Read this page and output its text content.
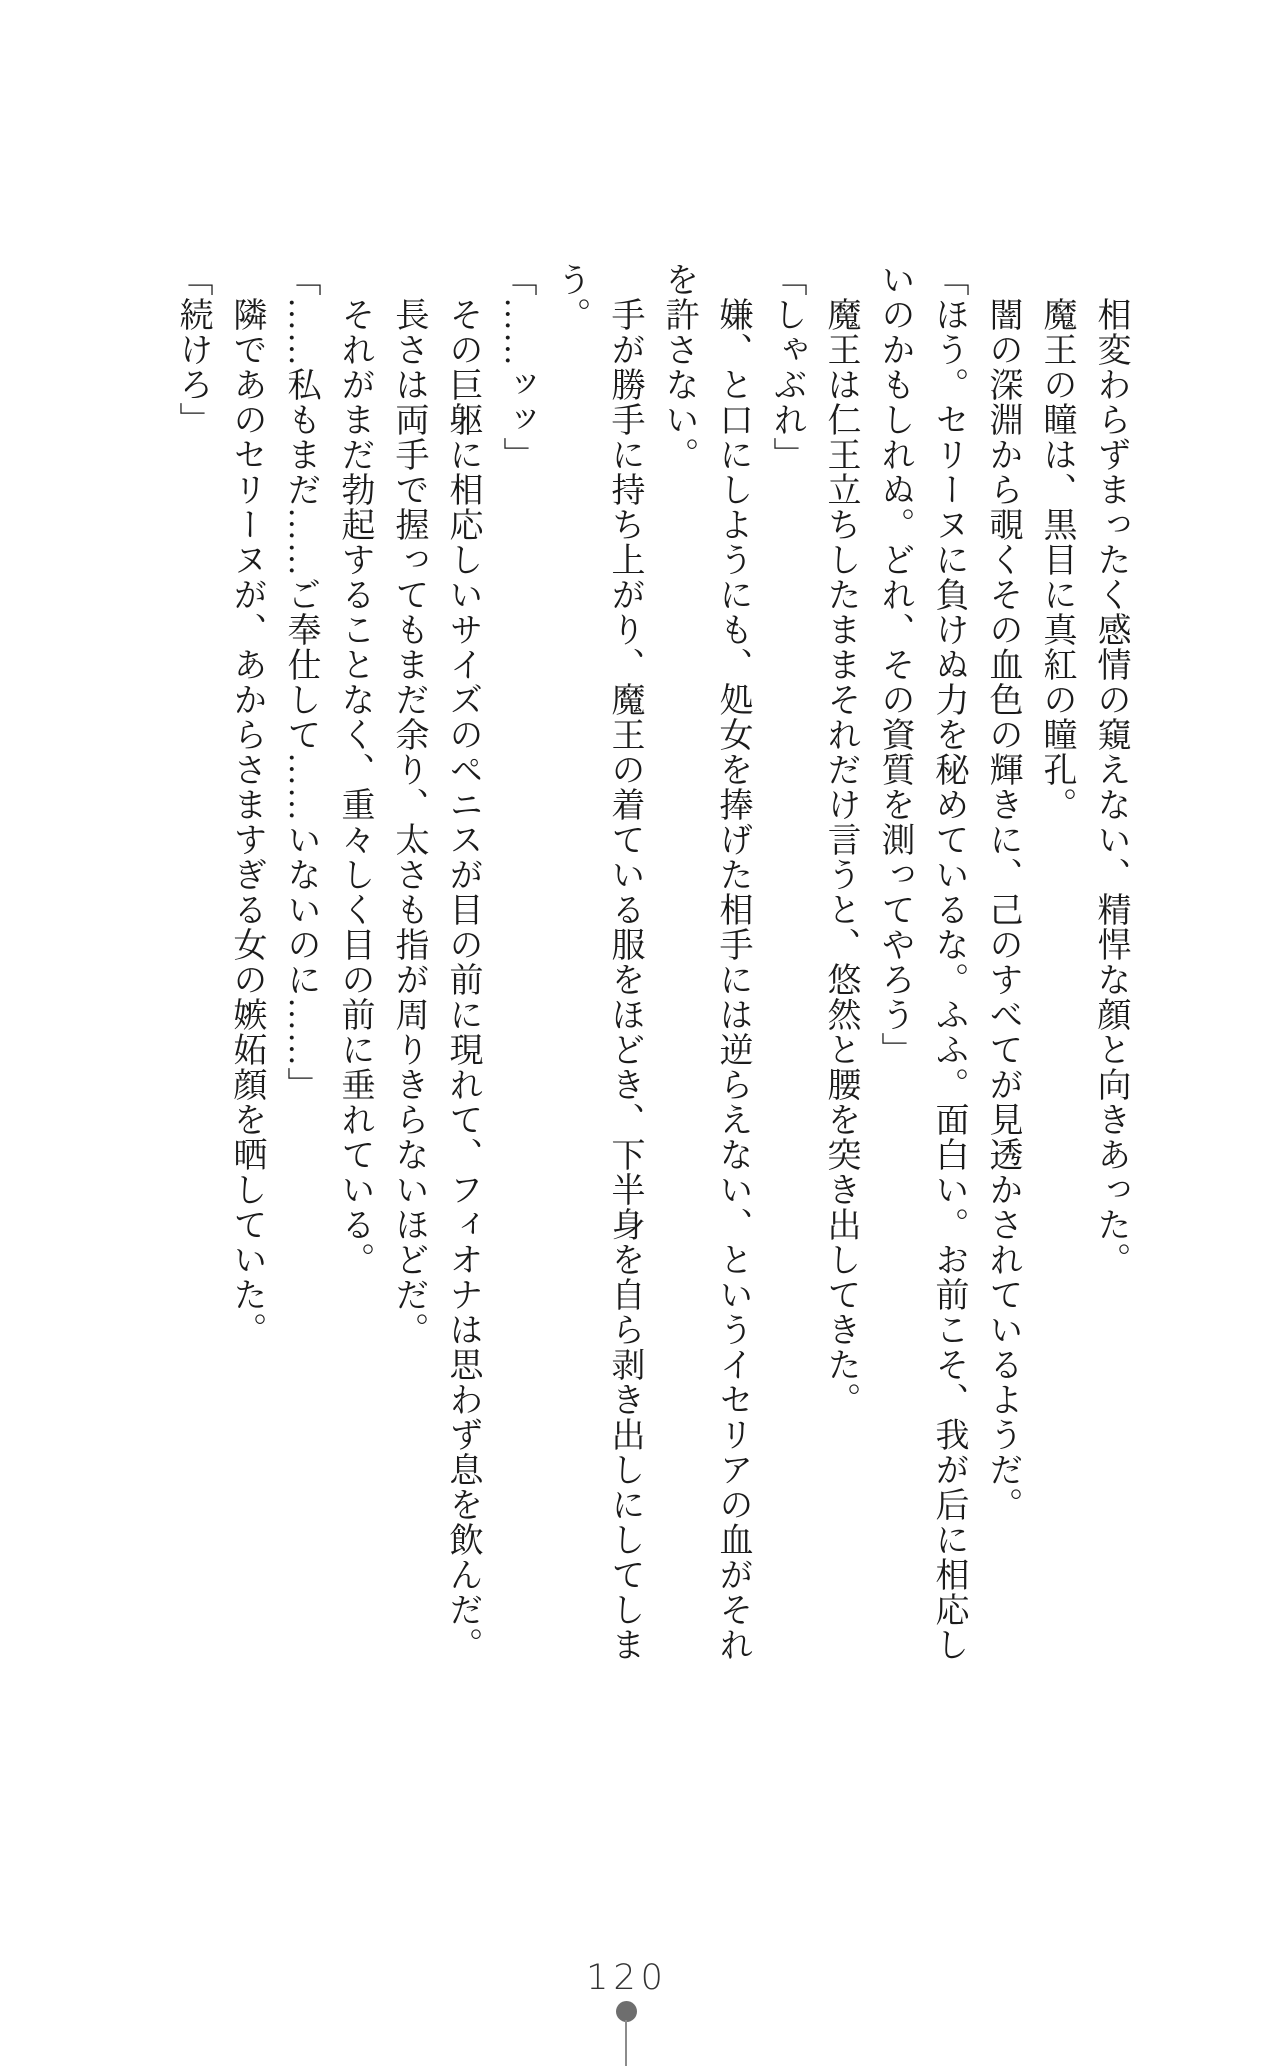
相変わらずまったく感情の窺えない、精悍な顔と向きあった。

魔王の瞳は、黒目に真紅の瞳孔。

闇の深淵から覗くその血色の輝きに、己のすべてが見透かされているようだ。

「ほう。セリーヌに負けぬ力を秘めているな。ふふ。面白い。お前こそ、我が后に相応し

いのかもしれぬ。どれ、その資質を測ってやろう」

魔王は仁王立ちしたままそれだけ言うと、悠然と腰を突き出してきた。

「しゃぶれ」

嫌、と口にしようにも、処女を捧げた相手には逆らえない、というイセリアの血がそれ

を許さない。

手が勝手に持ち上がり、魔王の着ている服をほどき、下半身を自ら剥き出しにしてしま

う。

「……ッッ」

その巨躯に相応しいサイズのペニスが目の前に現れて、フィオナは思わず息を飲んだ。

長さは両手で握ってもまだ余り、太さも指が周りきらないほどだ。

それがまだ勃起することなく、重々しく目の前に垂れている。

「……私もまだ……ご奉仕して……いないのに……」

隣であのセリーヌが、あからさますぎる女の嫉妬顔を晒していた。

「続けろ」

120
